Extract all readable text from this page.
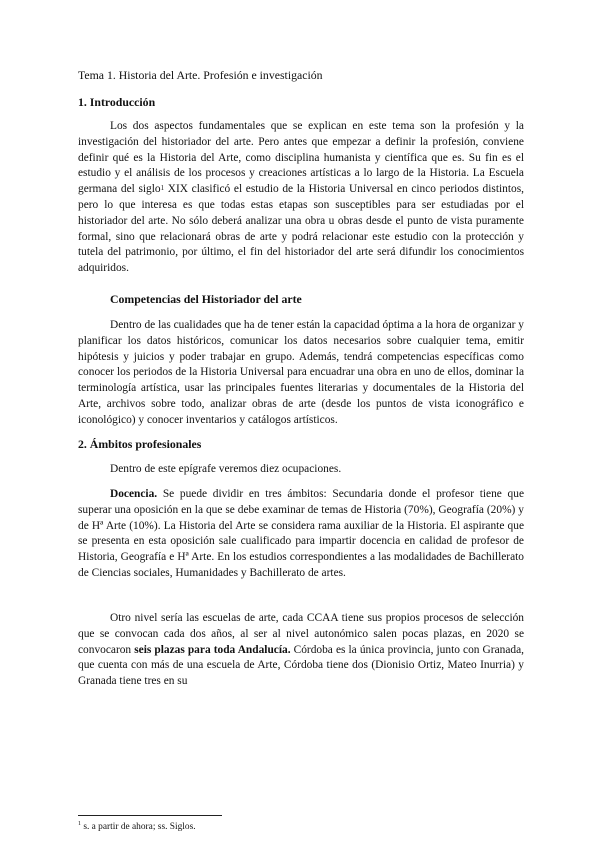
Tema 1. Historia del Arte. Profesión e investigación
1. Introducción
Los dos aspectos fundamentales que se explican en este tema son la profesión y la investigación del historiador del arte. Pero antes que empezar a definir la profesión, conviene definir qué es la Historia del Arte, como disciplina humanista y científica que es. Su fin es el estudio y el análisis de los procesos y creaciones artísticas a lo largo de la Historia. La Escuela germana del siglo$^1$ XIX clasificó el estudio de la Historia Universal en cinco periodos distintos, pero lo que interesa es que todas estas etapas son susceptibles para ser estudiadas por el historiador del arte. No sólo deberá analizar una obra u obras desde el punto de vista puramente formal, sino que relacionará obras de arte y podrá relacionar este estudio con la protección y tutela del patrimonio, por último, el fin del historiador del arte será difundir los conocimientos adquiridos.
Competencias del Historiador del arte
Dentro de las cualidades que ha de tener están la capacidad óptima a la hora de organizar y planificar los datos históricos, comunicar los datos necesarios sobre cualquier tema, emitir hipótesis y juicios y poder trabajar en grupo. Además, tendrá competencias específicas como conocer los periodos de la Historia Universal para encuadrar una obra en uno de ellos, dominar la terminología artística, usar las principales fuentes literarias y documentales de la Historia del Arte, archivos sobre todo, analizar obras de arte (desde los puntos de vista iconográfico e iconológico) y conocer inventarios y catálogos artísticos.
2. Ámbitos profesionales
Dentro de este epígrafe veremos diez ocupaciones.
Docencia. Se puede dividir en tres ámbitos: Secundaria donde el profesor tiene que superar una oposición en la que se debe examinar de temas de Historia (70%), Geografía (20%) y de Hª Arte (10%). La Historia del Arte se considera rama auxiliar de la Historia. El aspirante que se presenta en esta oposición sale cualificado para impartir docencia en calidad de profesor de Historia, Geografía e Hª Arte. En los estudios correspondientes a las modalidades de Bachillerato de Ciencias sociales, Humanidades y Bachillerato de artes.
Otro nivel sería las escuelas de arte, cada CCAA tiene sus propios procesos de selección que se convocan cada dos años, al ser al nivel autonómico salen pocas plazas, en 2020 se convocaron seis plazas para toda Andalucía. Córdoba es la única provincia, junto con Granada, que cuenta con más de una escuela de Arte, Córdoba tiene dos (Dionisio Ortiz, Mateo Inurria) y Granada tiene tres en su
$^1$ s. a partir de ahora; ss. Siglos.
